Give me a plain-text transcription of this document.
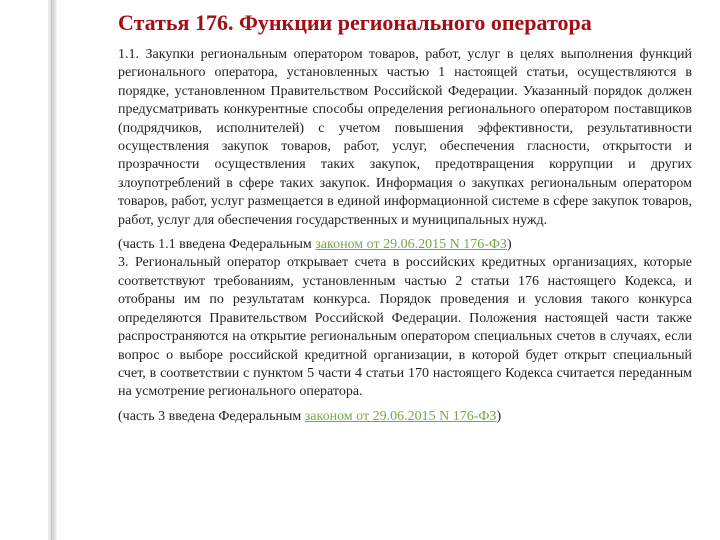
Статья 176. Функции регионального оператора

1.1. Закупки региональным оператором товаров, работ, услуг в целях выполнения функций регионального оператора, установленных частью 1 настоящей статьи, осуществляются в порядке, установленном Правительством Российской Федерации. Указанный порядок должен предусматривать конкурентные способы определения регионального оператором поставщиков (подрядчиков, исполнителей) с учетом повышения эффективности, результативности осуществления закупок товаров, работ, услуг, обеспечения гласности, открытости и прозрачности осуществления таких закупок, предотвращения коррупции и других злоупотреблений в сфере таких закупок. Информация о закупках региональным оператором товаров, работ, услуг размещается в единой информационной системе в сфере закупок товаров, работ, услуг для обеспечения государственных и муниципальных нужд.

(часть 1.1 введена Федеральным законом от 29.06.2015 N 176-ФЗ)

3. Региональный оператор открывает счета в российских кредитных организациях, которые соответствуют требованиям, установленным частью 2 статьи 176 настоящего Кодекса, и отобраны им по результатам конкурса. Порядок проведения и условия такого конкурса определяются Правительством Российской Федерации. Положения настоящей части также распространяются на открытие региональным оператором специальных счетов в случаях, если вопрос о выборе российской кредитной организации, в которой будет открыт специальный счет, в соответствии с пунктом 5 части 4 статьи 170 настоящего Кодекса считается переданным на усмотрение регионального оператора.

(часть 3 введена Федеральным законом от 29.06.2015 N 176-ФЗ)
